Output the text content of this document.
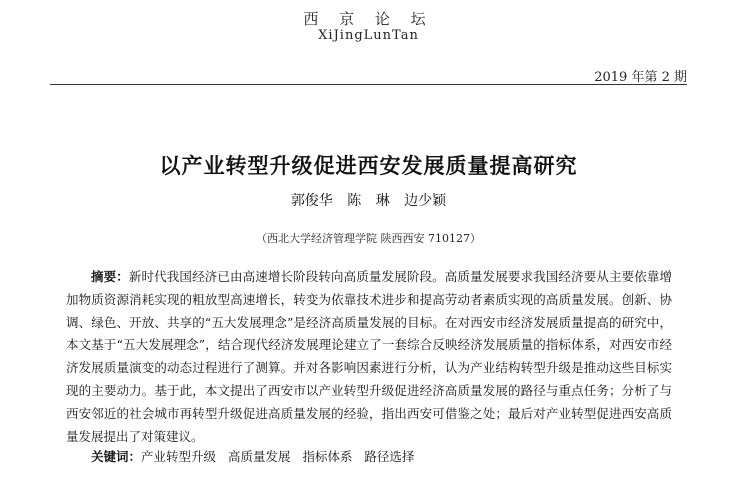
西 京 论 坛
XiJingLunTan
2019 年第 2 期
以产业转型升级促进西安发展质量提高研究
郭俊华 陈 琳 边少颖
（西北大学经济管理学院 陕西西安 710127）
摘要：新时代我国经济已由高速增长阶段转向高质量发展阶段。高质量发展要求我国经济要从主要依靠增加物质资源消耗实现的粗放型高速增长，转变为依靠技术进步和提高劳动者素质实现的高质量发展。创新、协调、绿色、开放、共享的“五大发展理念”是经济高质量发展的目标。在对西安市经济发展质量提高的研究中，本文基于“五大发展理念”，结合现代经济发展理论建立了一套综合反映经济发展质量的指标体系，对西安市经济发展质量演变的动态过程进行了测算。并对各影响因素进行分析，认为产业结构转型升级是推动这些目标实现的主要动力。基于此，本文提出了西安市以产业转型升级促进经济高质量发展的路径与重点任务；分析了与西安邻近的社会城市再转型升级促进高质量发展的经验，指出西安可借鉴之处；最后对产业转型促进西安高质量发展提出了对策建议。
关键词：产业转型升级 高质量发展 指标体系 路径选择
